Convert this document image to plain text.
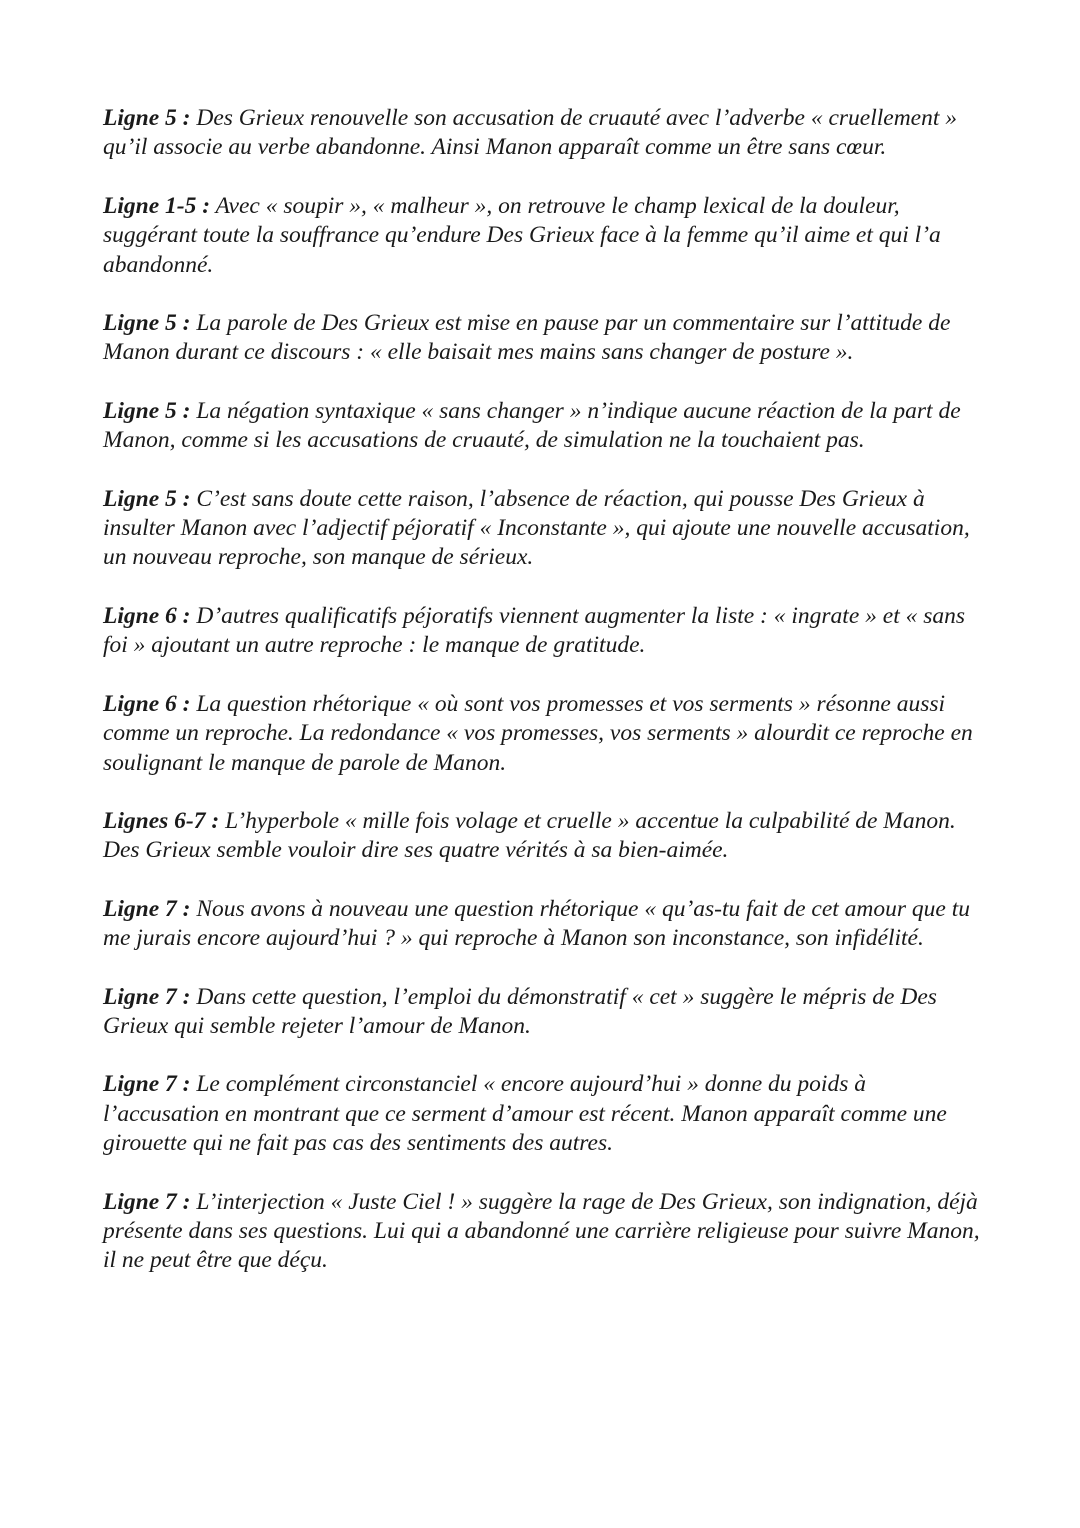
Ligne 5 : Des Grieux renouvelle son accusation de cruauté avec l’adverbe « cruellement » qu’il associe au verbe abandonne. Ainsi Manon apparaît comme un être sans cœur.

Ligne 1-5 : Avec « soupir », « malheur », on retrouve le champ lexical de la douleur, suggérant toute la souffrance qu’endure Des Grieux face à la femme qu’il aime et qui l’a abandonné.

Ligne 5 : La parole de Des Grieux est mise en pause par un commentaire sur l’attitude de Manon durant ce discours : « elle baisait mes mains sans changer de posture ».

Ligne 5 : La négation syntaxique « sans changer » n’indique aucune réaction de la part de Manon, comme si les accusations de cruauté, de simulation ne la touchaient pas.

Ligne 5 : C’est sans doute cette raison, l’absence de réaction, qui pousse Des Grieux à insulter Manon avec l’adjectif péjoratif « Inconstante », qui ajoute une nouvelle accusation, un nouveau reproche, son manque de sérieux.

Ligne 6 : D’autres qualificatifs péjoratifs viennent augmenter la liste : « ingrate » et « sans foi » ajoutant un autre reproche : le manque de gratitude.

Ligne 6 : La question rhétorique « où sont vos promesses et vos serments » résonne aussi comme un reproche. La redondance « vos promesses, vos serments » alourdit ce reproche en soulignant le manque de parole de Manon.

Lignes 6-7 : L’hyperbole « mille fois volage et cruelle » accentue la culpabilité de Manon. Des Grieux semble vouloir dire ses quatre vérités à sa bien-aimée.

Ligne 7 : Nous avons à nouveau une question rhétorique « qu’as-tu fait de cet amour que tu me jurais encore aujourd’hui ? » qui reproche à Manon son inconstance, son infidélité.

Ligne 7 : Dans cette question, l’emploi du démonstratif « cet » suggère le mépris de Des Grieux qui semble rejeter l’amour de Manon.

Ligne 7 : Le complément circonstanciel « encore aujourd’hui » donne du poids à l’accusation en montrant que ce serment d’amour est récent. Manon apparaît comme une girouette qui ne fait pas cas des sentiments des autres.

Ligne 7 : L’interjection « Juste Ciel ! » suggère la rage de Des Grieux, son indignation, déjà présente dans ses questions. Lui qui a abandonné une carrière religieuse pour suivre Manon, il ne peut être que déçu.
